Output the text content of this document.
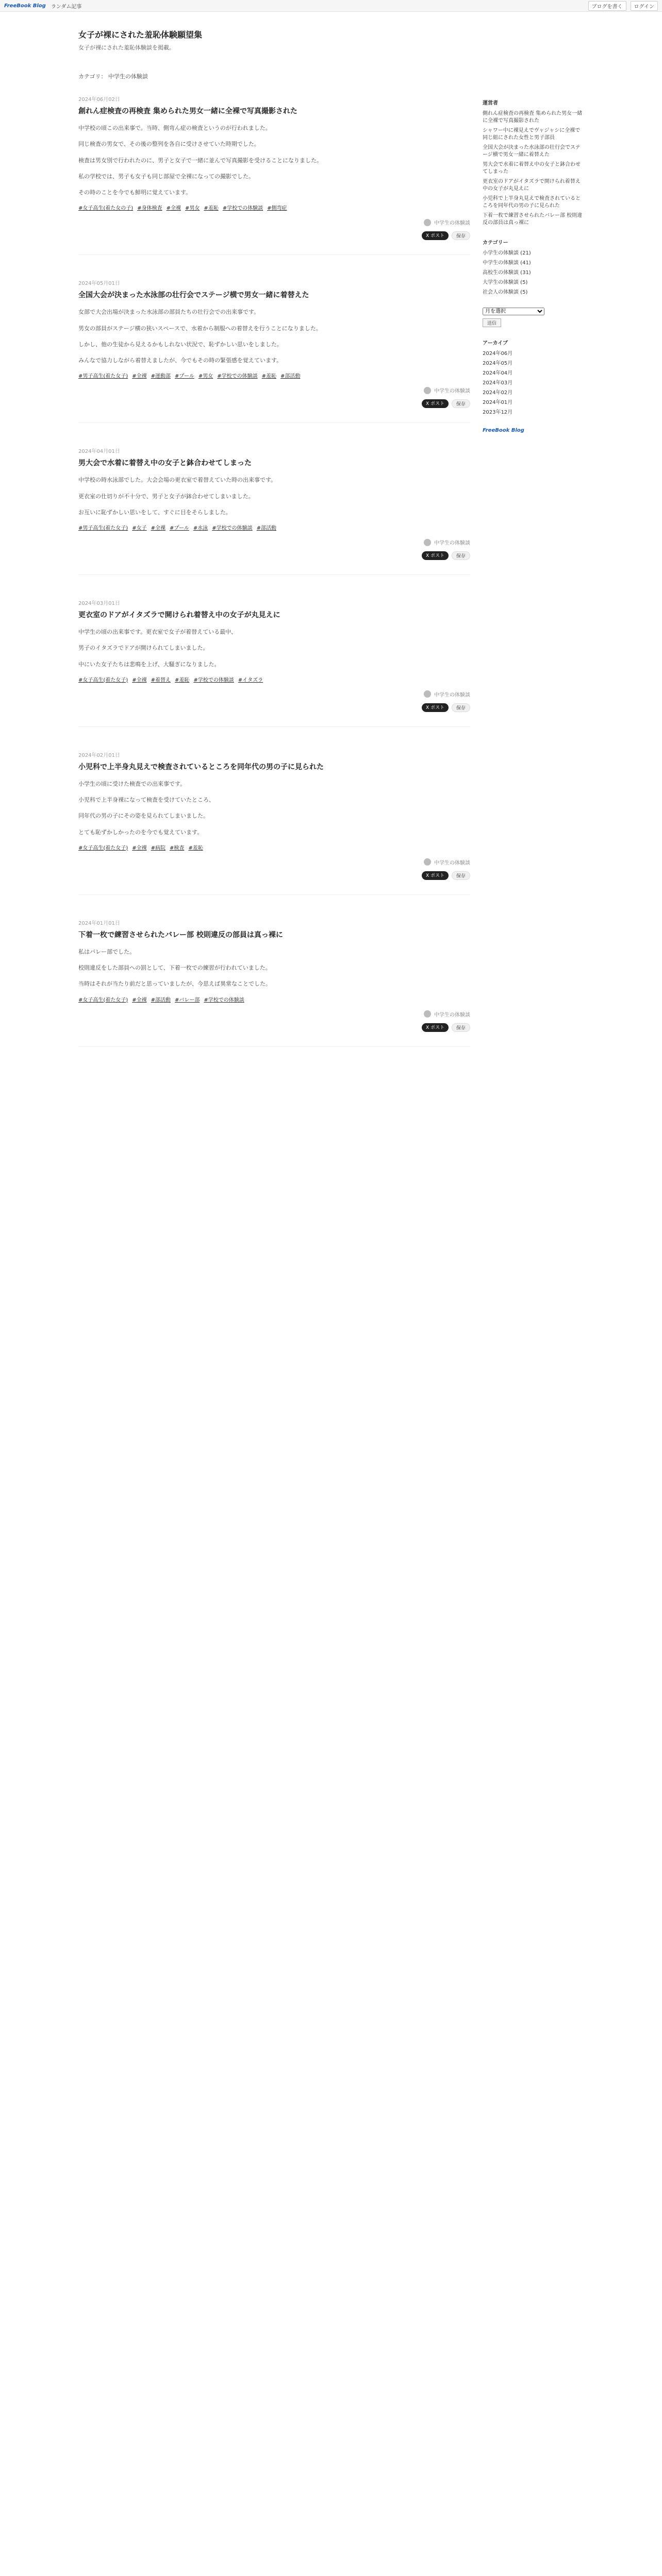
FreeBook Blog ランダム記事	ブログを書く	ログイン
女子が裸にされた羞恥体験願望集
女子が裸にされた羞恥体験談を掲載。
カテゴリ： 中学生の体験談
2024年06月02日
創れん症検査の再検査 集められた男女一緒に全裸で写真撮影された

中学校の頃この出来事で。当時、側弯ん症の検査というのが行われました。

同じ検査の男女で、その後の整列を各自に受けさせていた時期でした。

検査は男女別で行われたのに、男子と女子で一緒に並んで写真撮影を受けることになりました。

私の学校では、男子も女子も同じ部屋で全裸になっての撮影でした。

その時のことを今でも鮮明に覚えています。

#女子高生(着た女の子) #身体検査 #全裸 #男女 #羞恥 #学校での体験談 #側弯症
中学生の体験談
X ポスト	保存
2024年05月01日
全国大会が決まった水泳部の壮行会でステージ横で男女一緒に着替えた

女部で大会出場が決まった水泳部の部員たちの壮行会での出来事です。

男女の部員がステージ横の狭いスペースで、水着から制服への着替えを行うことになりました。

しかし、他の生徒から見えるかもしれない状況で、恥ずかしい思いをしました。

みんなで協力しながら着替えましたが、今でもその時の緊張感を覚えています。

#男子高生(着た女子) #全裸 #運動部 #プール #男女 #学校での体験談 #羞恥 #部活動
中学生の体験談
X ポスト	保存
2024年04月01日
男大会で水着に着替え中の女子と鉢合わせてしまった

中学校の時水泳部でした。大会会場の更衣室で着替えていた時の出来事です。

更衣室の仕切りが不十分で、男子と女子が鉢合わせてしまいました。

お互いに恥ずかしい思いをして、すぐに目をそらしました。

#男子高生(着た女子) #女子 #全裸 #プール #水泳 #学校での体験談 #部活動
中学生の体験談
X ポスト	保存
2024年03月01日
更衣室のドアがイタズラで開けられ着替え中の女子が丸見えに

中学生の頃の出来事です。更衣室で女子が着替えている最中、

男子のイタズラでドアが開けられてしまいました。

中にいた女子たちは悲鳴を上げ、大騒ぎになりました。

#女子高生(着た女子) #全裸 #着替え #羞恥 #学校での体験談 #イタズラ
中学生の体験談
X ポスト	保存
2024年02月01日
小児科で上半身丸見えで検査されているところを同年代の男の子に見られた

小学生の頃に受けた検査での出来事です。

小児科で上半身裸になって検査を受けていたところ、

同年代の男の子にその姿を見られてしまいました。

とても恥ずかしかったのを今でも覚えています。

#女子高生(着た女子) #全裸 #病院 #検査 #羞恥
中学生の体験談
X ポスト	保存
2024年01月01日
下着一枚で練習させられたバレー部 校則違反の部員は真っ裸に

私はバレー部でした。

校則違反をした部員への罰として、下着一枚での練習が行われていました。

当時はそれが当たり前だと思っていましたが、今思えば異常なことでした。

#女子高生(着た女子) #全裸 #部活動 #バレー部 #学校での体験談
中学生の体験談
X ポスト	保存
運営者
側れん症検査の再検査 集められた男女一緒に全裸で写真撮影された
シャワー中に裸見えでヴャジャシに全裸で同じ組にされた女性と男子部員
全国大会が決まった水泳部の壮行会でステージ横で男女一緒に着替えた
男大会で水着に着替え中の女子と鉢合わせてしまった
更衣室のドアがイタズラで開けられ着替え中の女子が丸見えに
小児科で上半身丸見えで検査されているところを同年代の男の子に見られた
下着一枚で練習させられたバレー部 校則違反の部員は真っ裸に
カテゴリー
小学生の体験談 (21)
中学生の体験談 (41)
高校生の体験談 (31)
大学生の体験談 (5)
社会人の体験談 (5)
月を選択
送信
アーカイブ
2024年06月
2024年05月
2024年04月
2024年03月
2024年02月
2024年01月
2023年12月
FreeBook Blog
